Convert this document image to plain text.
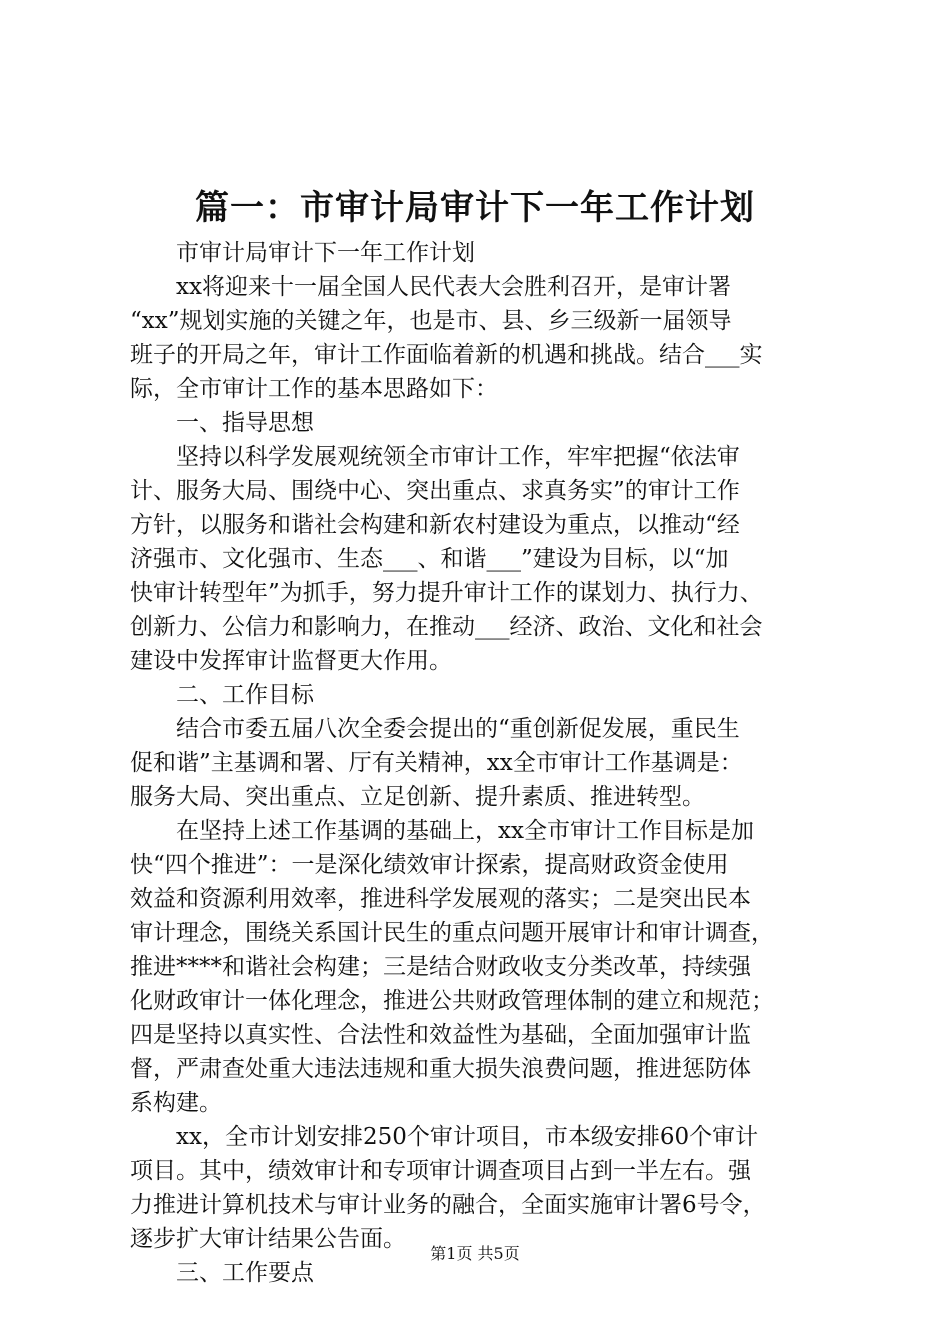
篇一：市审计局审计下一年工作计划
　　市审计局审计下一年工作计划
　　xx将迎来十一届全国人民代表大会胜利召开，是审计署
“xx”规划实施的关键之年，也是市、县、乡三级新一届领导
班子的开局之年，审计工作面临着新的机遇和挑战。结合___实
际，全市审计工作的基本思路如下：
　　一、指导思想
　　坚持以科学发展观统领全市审计工作，牢牢把握“依法审
计、服务大局、围绕中心、突出重点、求真务实”的审计工作
方针，以服务和谐社会构建和新农村建设为重点，以推动“经
济强市、文化强市、生态___、和谐___”建设为目标，以“加
快审计转型年”为抓手，努力提升审计工作的谋划力、执行力、
创新力、公信力和影响力，在推动___经济、政治、文化和社会
建设中发挥审计监督更大作用。
　　二、工作目标
　　结合市委五届八次全委会提出的“重创新促发展，重民生
促和谐”主基调和署、厅有关精神，xx全市审计工作基调是：
服务大局、突出重点、立足创新、提升素质、推进转型。
　　在坚持上述工作基调的基础上，xx全市审计工作目标是加
快“四个推进”：一是深化绩效审计探索，提高财政资金使用
效益和资源利用效率，推进科学发展观的落实；二是突出民本
审计理念，围绕关系国计民生的重点问题开展审计和审计调查，
推进****和谐社会构建；三是结合财政收支分类改革，持续强
化财政审计一体化理念，推进公共财政管理体制的建立和规范；
四是坚持以真实性、合法性和效益性为基础，全面加强审计监
督，严肃查处重大违法违规和重大损失浪费问题，推进惩防体
系构建。
　　xx，全市计划安排250个审计项目，市本级安排60个审计
项目。其中，绩效审计和专项审计调查项目占到一半左右。强
力推进计算机技术与审计业务的融合，全面实施审计署6号令，
逐步扩大审计结果公告面。
　　三、工作要点
第1页 共5页
